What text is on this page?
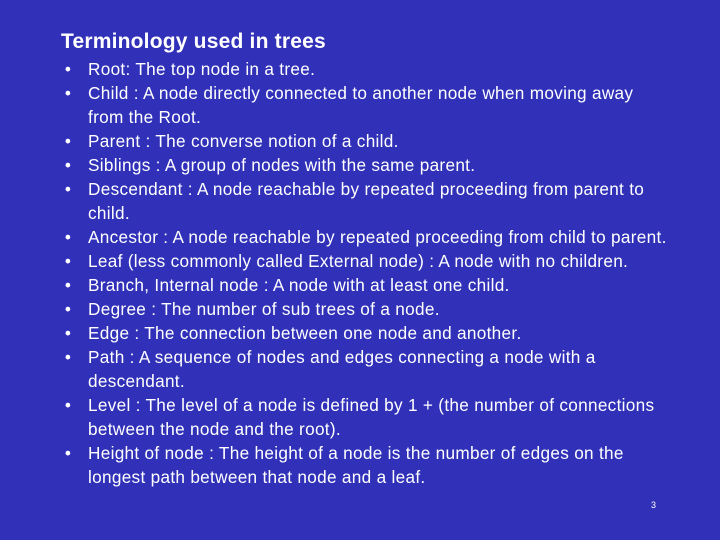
Terminology used in trees
• Root: The top node in a tree.
• Child : A node directly connected to another node when moving away from the Root.
• Parent : The converse notion of a child.
• Siblings : A group of nodes with the same parent.
• Descendant : A node reachable by repeated proceeding from parent to child.
• Ancestor : A node reachable by repeated proceeding from child to parent.
• Leaf (less commonly called External node) : A node with no children.
• Branch, Internal node : A node with at least one child.
• Degree : The number of sub trees of a node.
• Edge : The connection between one node and another.
• Path : A sequence of nodes and edges connecting a node with a descendant.
• Level : The level of a node is defined by 1 + (the number of connections between the node and the root).
• Height of node : The height of a node is the number of edges on the longest path between that node and a leaf.
3
